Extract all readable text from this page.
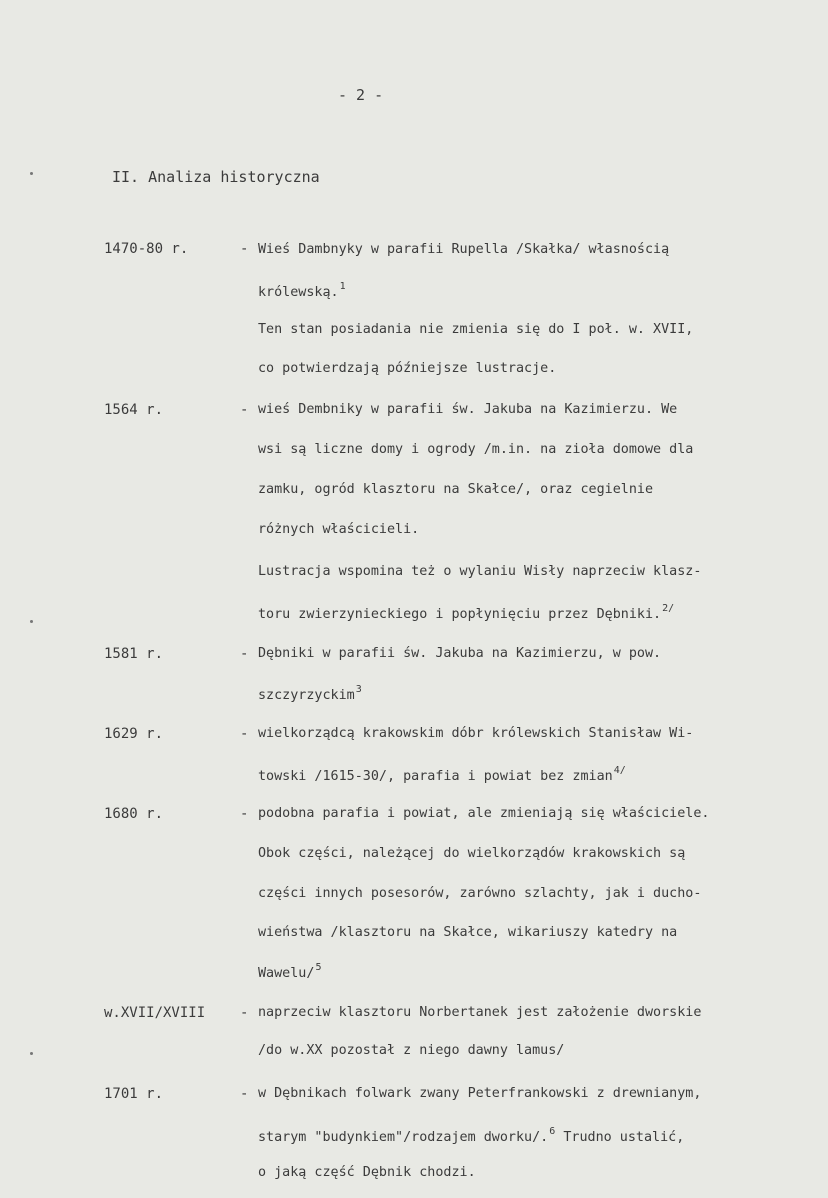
- 2 -
II. Analiza historyczna
1470-80 r.	- Wieś Dambnyky w parafii Rupella /Skałka/ własnością
królewską.$^1$
Ten stan posiadania nie zmienia się do I poł. w. XVII,
co potwierdzają późniejsze lustracje.
1564 r.	- wieś Dembniky w parafii św. Jakuba na Kazimierzu. We
wsi są liczne domy i ogrody /m.in. na zioła domowe dla
zamku, ogród klasztoru na Skałce/, oraz cegielnie
różnych właścicieli.
Lustracja wspomina też o wylaniu Wisły naprzeciw klasz-
toru zwierzynieckiego i popłynięciu przez Dębniki.$^{2/}$
1581 r.	- Dębniki w parafii św. Jakuba na Kazimierzu, w pow.
szczyrzyckim$^3$
1629 r.	- wielkorządcą krakowskim dóbr królewskich Stanisław Wi-
towski /1615-30/, parafia i powiat bez zmian$^{4/}$
1680 r.	- podobna parafia i powiat, ale zmieniają się właściciele.
Obok części, należącej do wielkorządów krakowskich są
części innych posesorów, zarówno szlachty, jak i ducho-
wieństwa /klasztoru na Skałce, wikariuszy katedry na
Wawelu/$^5$
w.XVII/XVIII - naprzeciw klasztoru Norbertanek jest założenie dworskie
/do w.XX pozostał z niego dawny lamus/
1701 r.	- w Dębnikach folwark zwany Peterfrankowski z drewnianym,
starym "budynkiem"/rodzajem dworku/.$^6$ Trudno ustalić,
o jaką część Dębnik chodzi.
